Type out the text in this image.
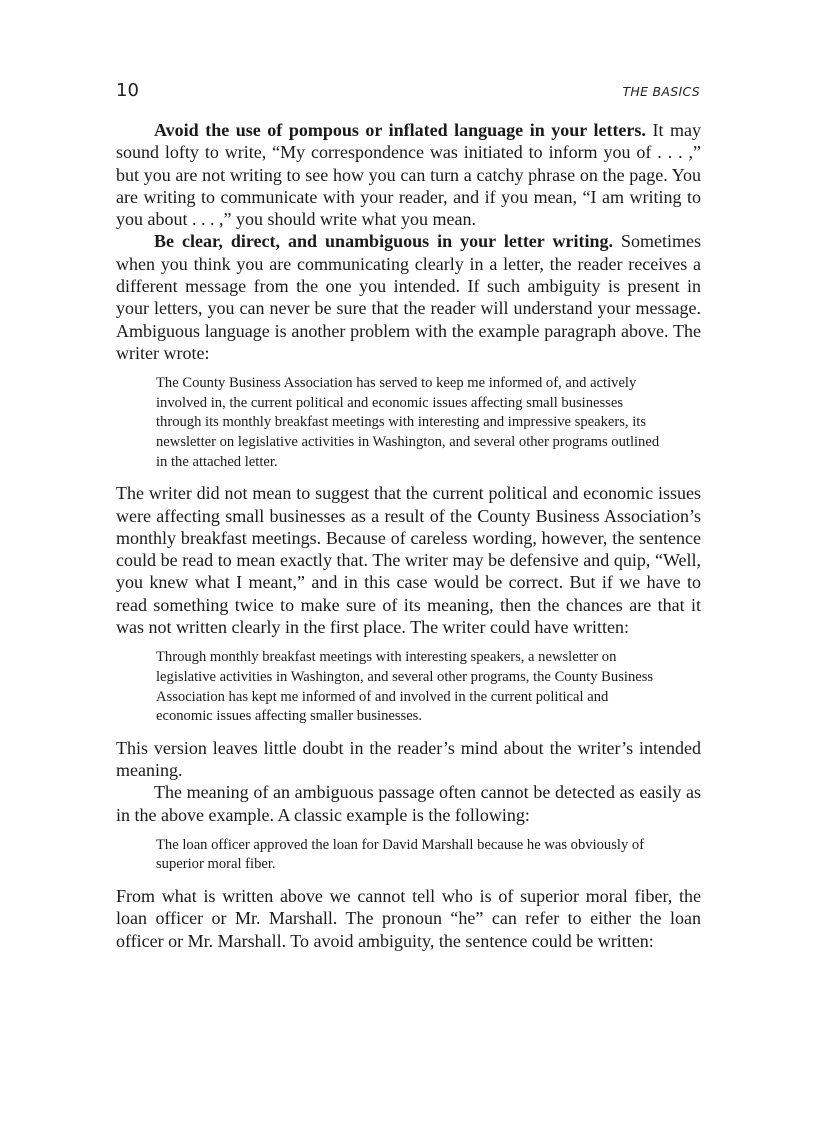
10	THE BASICS

Avoid the use of pompous or inflated language in your letters. It may sound lofty to write, “My correspondence was initiated to inform you of . . . ,” but you are not writing to see how you can turn a catchy phrase on the page. You are writing to communicate with your reader, and if you mean, “I am writing to you about . . . ,” you should write what you mean.

Be clear, direct, and unambiguous in your letter writing. Sometimes when you think you are communicating clearly in a letter, the reader receives a different message from the one you intended. If such ambiguity is present in your letters, you can never be sure that the reader will understand your message. Ambiguous language is another problem with the example paragraph above. The writer wrote:

The County Business Association has served to keep me informed of, and actively involved in, the current political and economic issues affecting small businesses through its monthly breakfast meetings with interesting and impressive speakers, its newsletter on legislative activities in Washington, and several other programs outlined in the attached letter.

The writer did not mean to suggest that the current political and economic issues were affecting small businesses as a result of the County Business Association’s monthly breakfast meetings. Because of careless wording, however, the sentence could be read to mean exactly that. The writer may be defensive and quip, “Well, you knew what I meant,” and in this case would be correct. But if we have to read something twice to make sure of its meaning, then the chances are that it was not written clearly in the first place. The writer could have written:

Through monthly breakfast meetings with interesting speakers, a newsletter on legislative activities in Washington, and several other programs, the County Business Association has kept me informed of and involved in the current political and economic issues affecting smaller businesses.

This version leaves little doubt in the reader’s mind about the writer’s intended meaning.

The meaning of an ambiguous passage often cannot be detected as easily as in the above example. A classic example is the following:

The loan officer approved the loan for David Marshall because he was obviously of superior moral fiber.

From what is written above we cannot tell who is of superior moral fiber, the loan officer or Mr. Marshall. The pronoun “he” can refer to either the loan officer or Mr. Marshall. To avoid ambiguity, the sentence could be written:
